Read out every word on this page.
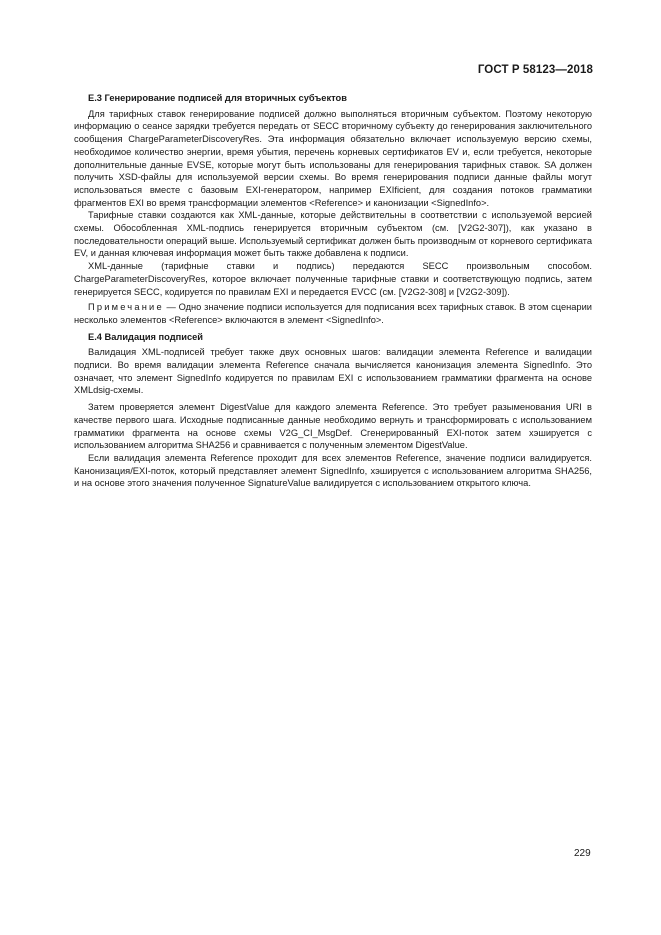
ГОСТ Р 58123—2018
Е.3 Генерирование подписей для вторичных субъектов

Для тарифных ставок генерирование подписей должно выполняться вторичным субъектом. Поэтому некоторую информацию о сеансе зарядки требуется передать от SECC вторичному субъекту до генерирования заключительного сообщения ChargeParameterDiscoveryRes. Эта информация обязательно включает используемую версию схемы, необходимое количество энергии, время убытия, перечень корневых сертификатов EV и, если требуется, некоторые дополнительные данные EVSE, которые могут быть использованы для генерирования тарифных ставок. SA должен получить XSD-файлы для используемой версии схемы. Во время генерирования подписи данные файлы могут использоваться вместе с базовым EXI-генератором, например EXIficient, для создания потоков грамматики фрагментов EXI во время трансформации элементов <Reference> и канонизации <SignedInfo>.

Тарифные ставки создаются как XML-данные, которые действительны в соответствии с используемой версией схемы. Обособленная XML-подпись генерируется вторичным субъектом (см. [V2G2-307]), как указано в последовательности операций выше. Используемый сертификат должен быть производным от корневого сертификата EV, и данная ключевая информация может быть также добавлена к подписи.

XML-данные (тарифные ставки и подпись) передаются SECC произвольным способом.

ChargeParameterDiscoveryRes, которое включает полученные тарифные ставки и соответствующую подпись, затем генерируется SECC, кодируется по правилам EXI и передается EVCC (см. [V2G2-308] и [V2G2-309]).

Примечание — Одно значение подписи используется для подписания всех тарифных ставок. В этом сценарии несколько элементов <Reference> включаются в элемент <SignedInfo>.

Е.4 Валидация подписей

Валидация XML-подписей требует также двух основных шагов: валидации элемента Reference и валидации подписи. Во время валидации элемента Reference сначала вычисляется канонизация элемента SignedInfo. Это означает, что элемент SignedInfo кодируется по правилам EXI с использованием грамматики фрагмента на основе XMLdsig-схемы.

Затем проверяется элемент DigestValue для каждого элемента Reference. Это требует разыменования URI в качестве первого шага. Исходные подписанные данные необходимо вернуть и трансформировать с использованием грамматики фрагмента на основе схемы V2G_CI_MsgDef. Сгенерированный EXI-поток затем хэшируется с использованием алгоритма SHA256 и сравнивается с полученным элементом DigestValue.

Если валидация элемента Reference проходит для всех элементов Reference, значение подписи валидируется. Канонизация/EXI-поток, который представляет элемент SignedInfo, хэшируется с использованием алгоритма SHA256, и на основе этого значения полученное SignatureValue валидируется с использованием открытого ключа.

229
